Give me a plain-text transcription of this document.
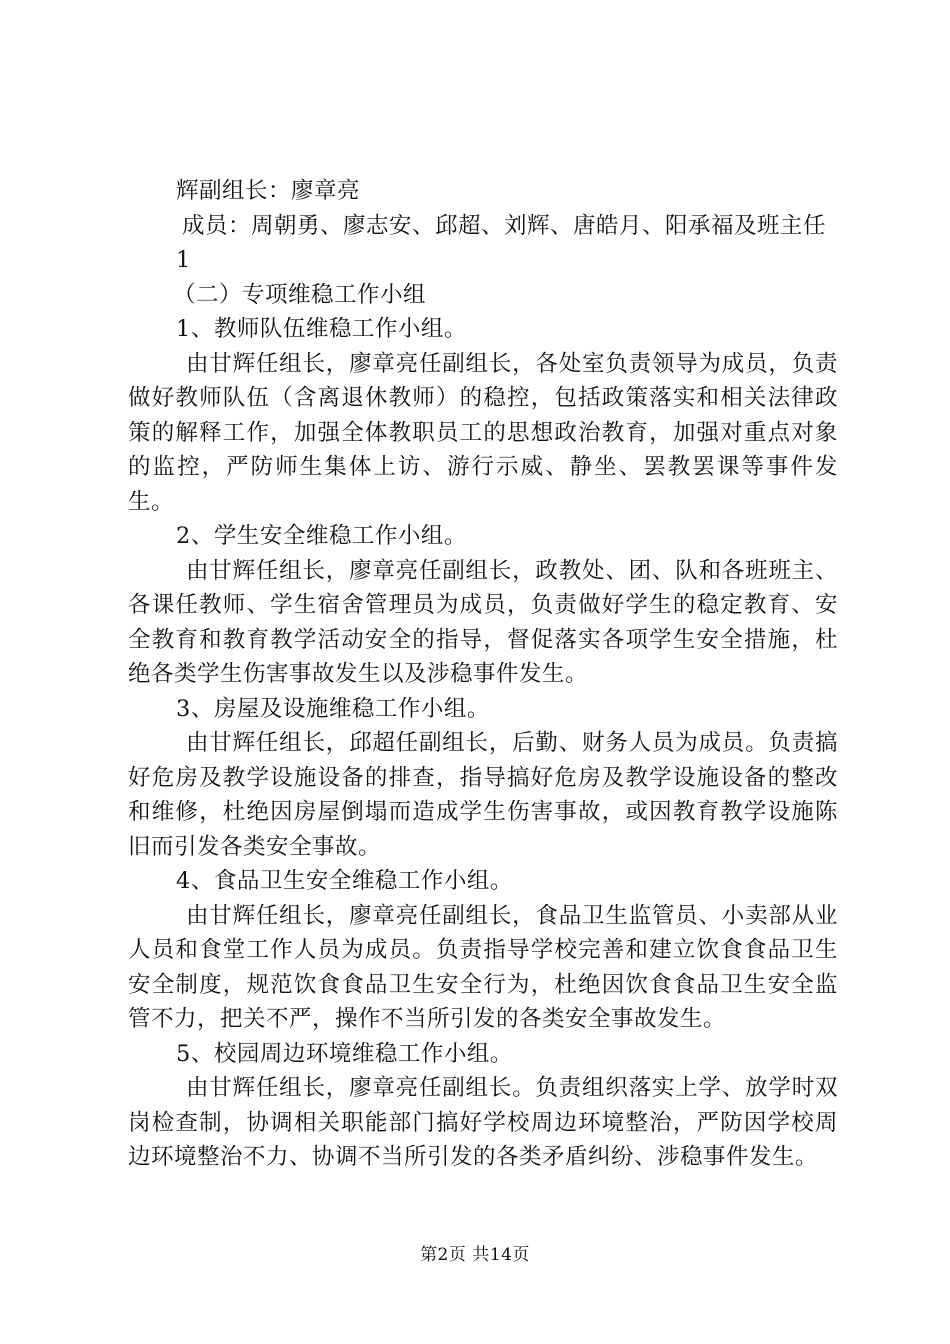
辉副组长：廖章亮

成员：周朝勇、廖志安、邱超、刘辉、唐皓月、阳承福及班主任

1

（二）专项维稳工作小组

1、教师队伍维稳工作小组。

由甘辉任组长，廖章亮任副组长，各处室负责领导为成员，负责做好教师队伍（含离退休教师）的稳控，包括政策落实和相关法律政策的解释工作，加强全体教职员工的思想政治教育，加强对重点对象的监控，严防师生集体上访、游行示威、静坐、罢教罢课等事件发生。

2、学生安全维稳工作小组。

由甘辉任组长，廖章亮任副组长，政教处、团、队和各班班主、各课任教师、学生宿舍管理员为成员，负责做好学生的稳定教育、安全教育和教育教学活动安全的指导，督促落实各项学生安全措施，杜绝各类学生伤害事故发生以及涉稳事件发生。

3、房屋及设施维稳工作小组。

由甘辉任组长，邱超任副组长，后勤、财务人员为成员。负责搞好危房及教学设施设备的排查，指导搞好危房及教学设施设备的整改和维修，杜绝因房屋倒塌而造成学生伤害事故，或因教育教学设施陈旧而引发各类安全事故。

4、食品卫生安全维稳工作小组。

由甘辉任组长，廖章亮任副组长，食品卫生监管员、小卖部从业人员和食堂工作人员为成员。负责指导学校完善和建立饮食食品卫生安全制度，规范饮食食品卫生安全行为，杜绝因饮食食品卫生安全监管不力，把关不严，操作不当所引发的各类安全事故发生。

5、校园周边环境维稳工作小组。

由甘辉任组长，廖章亮任副组长。负责组织落实上学、放学时双岗检查制，协调相关职能部门搞好学校周边环境整治，严防因学校周边环境整治不力、协调不当所引发的各类矛盾纠纷、涉稳事件发生。

第2页 共14页
